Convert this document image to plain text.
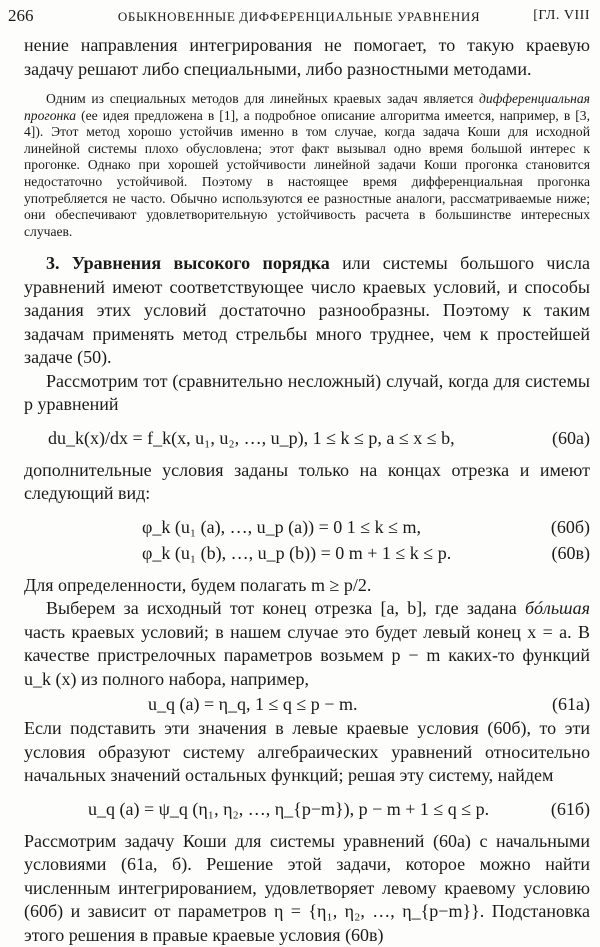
266	ОБЫКНОВЕННЫЕ ДИФФЕРЕНЦИАЛЬНЫЕ УРАВНЕНИЯ	[ГЛ. VIII

нение направления интегрирования не помогает, то такую краевую задачу решают либо специальными, либо разностными методами.

Одним из специальных методов для линейных краевых задач является дифференциальная прогонка (ее идея предложена в [1], а подробное описание алгоритма имеется, например, в [3, 4]). Этот метод хорошо устойчив именно в том случае, когда задача Коши для исходной линейной системы плохо обусловлена; этот факт вызывал одно время большой интерес к прогонке. Однако при хорошей устойчивости линейной задачи Коши прогонка становится недостаточно устойчивой. Поэтому в настоящее время дифференциальная прогонка употребляется не часто. Обычно используются ее разностные аналоги, рассматриваемые ниже; они обеспечивают удовлетворительную устойчивость расчета в большинстве интересных случаев.

3. Уравнения высокого порядка или системы большого числа уравнений имеют соответствующее число краевых условий, и способы задания этих условий достаточно разнообразны. Поэтому к таким задачам применять метод стрельбы много труднее, чем к простейшей задаче (50).

Рассмотрим тот (сравнительно несложный) случай, когда для системы p уравнений

du_k(x)/dx = f_k(x, u₁, u₂, …, u_p), 1 ≤ k ≤ p, a ≤ x ≤ b,	(60а)

дополнительные условия заданы только на концах отрезка и имеют следующий вид:

φ_k (u₁ (a), …, u_p (a)) = 0 1 ≤ k ≤ m,	(60б)
φ_k (u₁ (b), …, u_p (b)) = 0 m + 1 ≤ k ≤ p.	(60в)

Для определенности, будем полагать m ≥ p/2.

Выберем за исходный тот конец отрезка [a, b], где задана бóльшая часть краевых условий; в нашем случае это будет левый конец x = a. В качестве пристрелочных параметров возьмем p − m каких-то функций u_k (x) из полного набора, например,

u_q (a) = η_q, 1 ≤ q ≤ p − m.	(61а)

Если подставить эти значения в левые краевые условия (60б), то эти условия образуют систему алгебраических уравнений относительно начальных значений остальных функций; решая эту систему, найдем

u_q (a) = ψ_q (η₁, η₂, …, η_{p−m}), p − m + 1 ≤ q ≤ p.	(61б)

Рассмотрим задачу Коши для системы уравнений (60а) с начальными условиями (61а, б). Решение этой задачи, которое можно найти численным интегрированием, удовлетворяет левому краевому условию (60б) и зависит от параметров η = {η₁, η₂, …, η_{p−m}}. Подстановка этого решения в правые краевые условия (60в)
